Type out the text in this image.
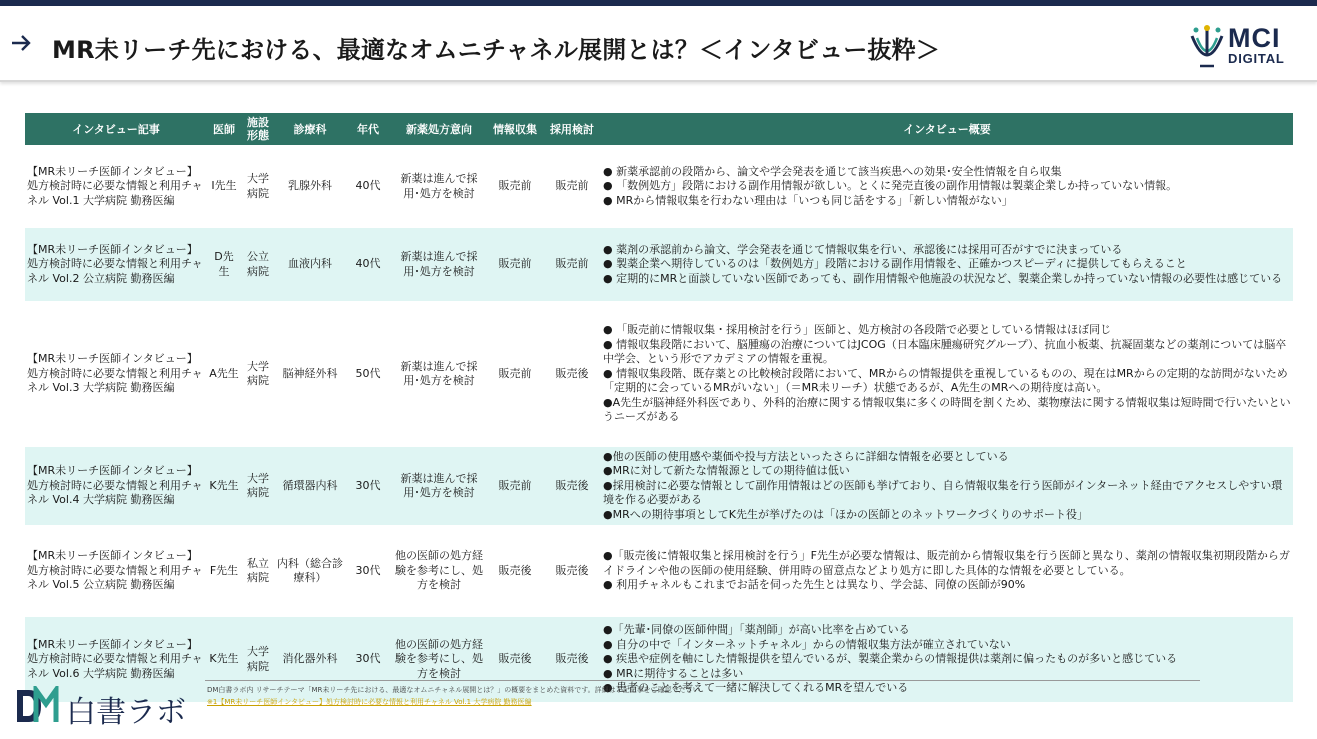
MR未リーチ先における、最適なオムニチャネル展開とは？＜インタビュー抜粋＞	MCI
DIGITAL
インタビュー記事	医師	施設形態	診療科	年代	新薬処方意向	情報収集	採用検討	インタビュー概要

【MR未リーチ医師インタビュー】処方検討時に必要な情報と利用チャネル Vol.1 大学病院 勤務医編	I先生	大学病院	乳腺外科	40代	新薬は進んで採用･処方を検討	販売前	販売前	● 新薬承認前の段階から、論文や学会発表を通じて該当疾患への効果･安全性情報を自ら収集
● 「数例処方」段階における副作用情報が欲しい。とくに発売直後の副作用情報は製薬企業しか持っていない情報。
● MRから情報収集を行わない理由は「いつも同じ話をする」「新しい情報がない」

【MR未リーチ医師インタビュー】処方検討時に必要な情報と利用チャネル Vol.2 公立病院 勤務医編	D先生	公立病院	血液内科	40代	新薬は進んで採用･処方を検討	販売前	販売前	● 薬剤の承認前から論文、学会発表を通じて情報収集を行い、承認後には採用可否がすでに決まっている
● 製薬企業へ期待しているのは「数例処方」段階における副作用情報を、正確かつスピーディに提供してもらえること
● 定期的にMRと面談していない医師であっても、副作用情報や他施設の状況など、製薬企業しか持っていない情報の必要性は感じている

【MR未リーチ医師インタビュー】処方検討時に必要な情報と利用チャネル Vol.3 大学病院 勤務医編	A先生	大学病院	脳神経外科	50代	新薬は進んで採用･処方を検討	販売前	販売後	● 「販売前に情報収集・採用検討を行う」医師と、処方検討の各段階で必要としている情報はほぼ同じ
● 情報収集段階において、脳腫瘍の治療についてはJCOG（日本臨床腫瘍研究グループ）、抗血小板薬、抗凝固薬などの薬剤については脳卒中学会、という形でアカデミアの情報を重視。
● 情報収集段階、既存薬との比較検討段階において、MRからの情報提供を重視しているものの、現在はMRからの定期的な訪問がないため「定期的に会っているMRがいない」（＝MR未リーチ）状態であるが、A先生のMRへの期待度は高い。
●A先生が脳神経外科医であり、外科的治療に関する情報収集に多くの時間を割くため、薬物療法に関する情報収集は短時間で行いたいというニーズがある

【MR未リーチ医師インタビュー】処方検討時に必要な情報と利用チャネル Vol.4 大学病院 勤務医編	K先生	大学病院	循環器内科	30代	新薬は進んで採用･処方を検討	販売前	販売後	●他の医師の使用感や薬価や投与方法といったさらに詳細な情報を必要としている
●MRに対して新たな情報源としての期待値は低い
●採用検討に必要な情報として副作用情報はどの医師も挙げており、自ら情報収集を行う医師がインターネット経由でアクセスしやすい環境を作る必要がある
●MRへの期待事項としてK先生が挙げたのは「ほかの医師とのネットワークづくりのサポート役」

【MR未リーチ医師インタビュー】処方検討時に必要な情報と利用チャネル Vol.5 公立病院 勤務医編	F先生	私立病院	内科（総合診療科）	30代	他の医師の処方経験を参考にし、処方を検討	販売後	販売後	●「販売後に情報収集と採用検討を行う」F先生が必要な情報は、販売前から情報収集を行う医師と異なり、薬剤の情報収集初期段階からガイドラインや他の医師の使用経験、併用時の留意点などより処方に即した具体的な情報を必要としている。
● 利用チャネルもこれまでお話を伺った先生とは異なり、学会誌、同僚の医師が90%

【MR未リーチ医師インタビュー】処方検討時に必要な情報と利用チャネル Vol.6 大学病院 勤務医編	K先生	大学病院	消化器外科	30代	他の医師の処方経験を参考にし、処方を検討	販売後	販売後	●「先輩･同僚の医師仲間」「薬剤師」が高い比率を占めている
● 自分の中で「インターネットチャネル」からの情報収集方法が確立されていない
● 疾患や症例を軸にした情報提供を望んでいるが、製薬企業からの情報提供は薬剤に偏ったものが多いと感じている
● MRに期待することは多い
● 患者のことを考えて一緒に解決してくれるMRを望んでいる
DM白書ラボ内 リサーチテーマ「MR未リーチ先における、最適なオムニチャネル展開とは？」の概要をまとめた資料です。詳細は下記記事をご確認ください
※1【MR未リーチ医師インタビュー】処方検討時に必要な情報と利用チャネル Vol.1 大学病院 勤務医編
白書ラボ
